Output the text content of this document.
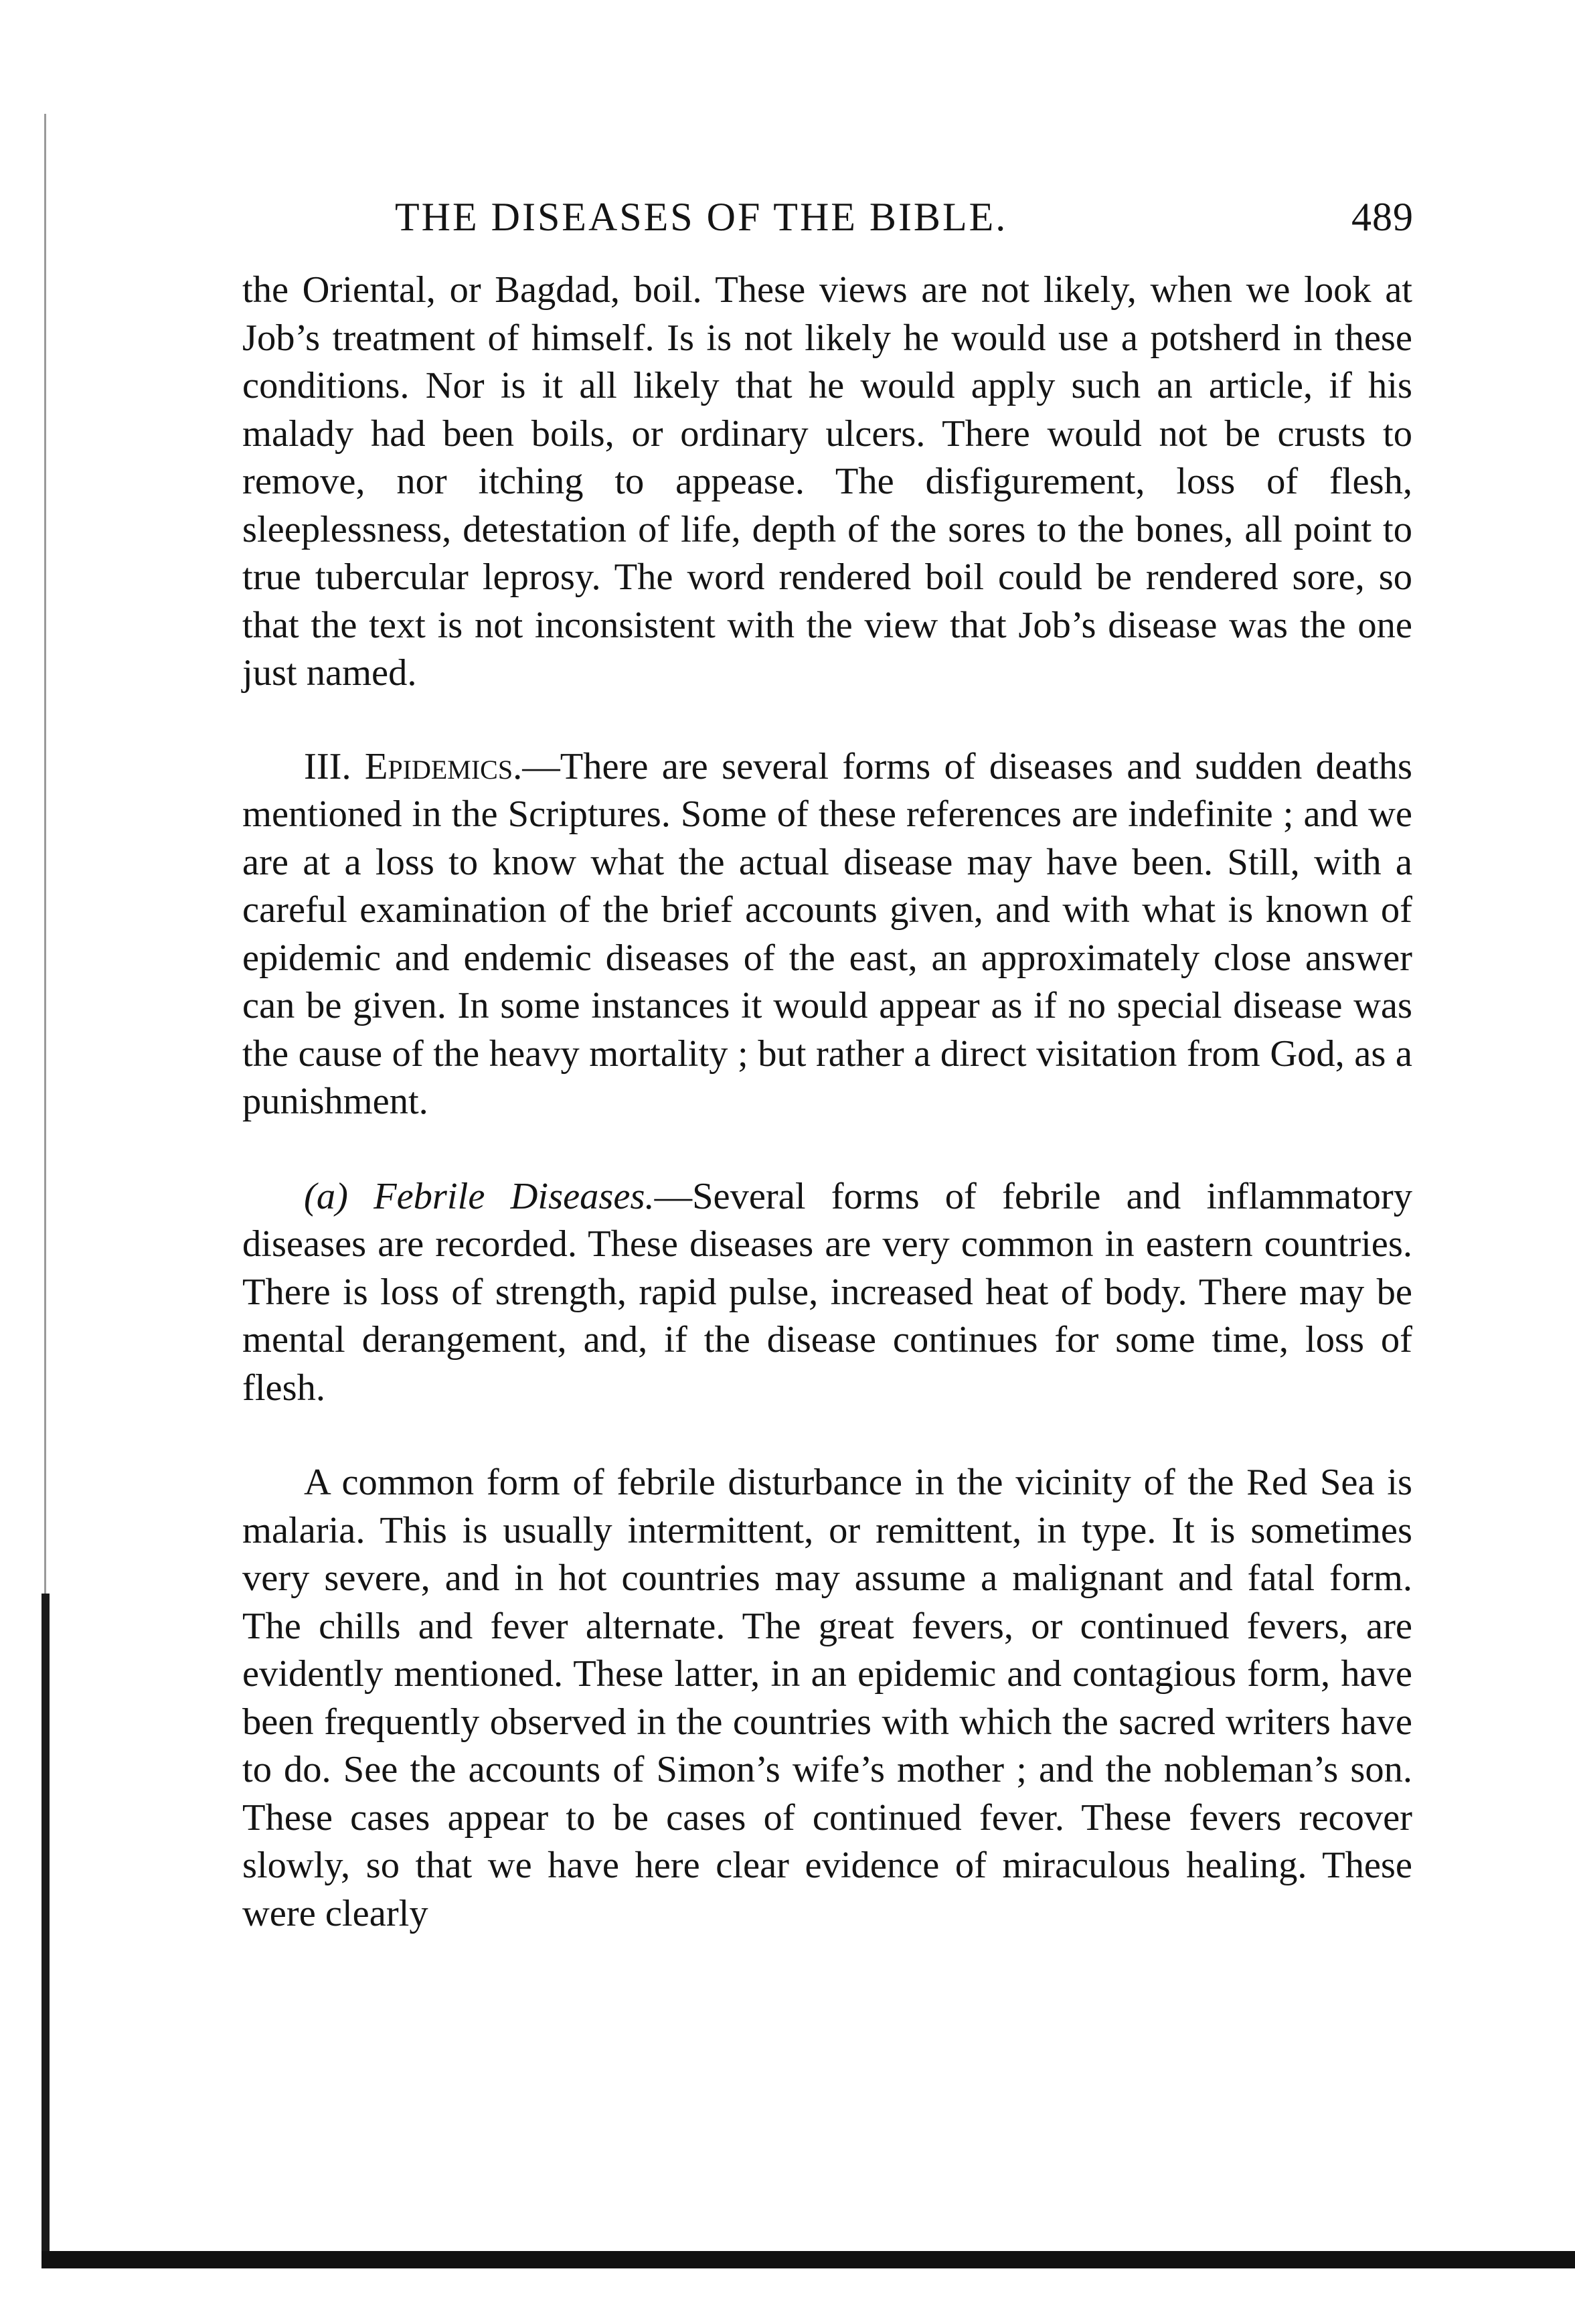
THE DISEASES OF THE BIBLE.	489

the Oriental, or Bagdad, boil. These views are not likely, when we look at Job’s treatment of himself. Is is not likely he would use a potsherd in these conditions. Nor is it all likely that he would apply such an article, if his malady had been boils, or ordinary ulcers. There would not be crusts to remove, nor itching to appease. The disfigurement, loss of flesh, sleeplessness, detestation of life, depth of the sores to the bones, all point to true tubercular leprosy. The word rendered boil could be rendered sore, so that the text is not inconsistent with the view that Job’s disease was the one just named.

III. Epidemics.—There are several forms of diseases and sudden deaths mentioned in the Scriptures. Some of these references are indefinite ; and we are at a loss to know what the actual disease may have been. Still, with a careful examination of the brief accounts given, and with what is known of epidemic and endemic diseases of the east, an approximately close answer can be given. In some instances it would appear as if no special disease was the cause of the heavy mortality ; but rather a direct visitation from God, as a punishment.

(a) Febrile Diseases.—Several forms of febrile and inflammatory diseases are recorded. These diseases are very common in eastern countries. There is loss of strength, rapid pulse, increased heat of body. There may be mental derangement, and, if the disease continues for some time, loss of flesh.

A common form of febrile disturbance in the vicinity of the Red Sea is malaria. This is usually intermittent, or remittent, in type. It is sometimes very severe, and in hot countries may assume a malignant and fatal form. The chills and fever alternate. The great fevers, or continued fevers, are evidently mentioned. These latter, in an epidemic and contagious form, have been frequently observed in the countries with which the sacred writers have to do. See the accounts of Simon’s wife’s mother ; and the nobleman’s son. These cases appear to be cases of continued fever. These fevers recover slowly, so that we have here clear evidence of miraculous healing. These were clearly
